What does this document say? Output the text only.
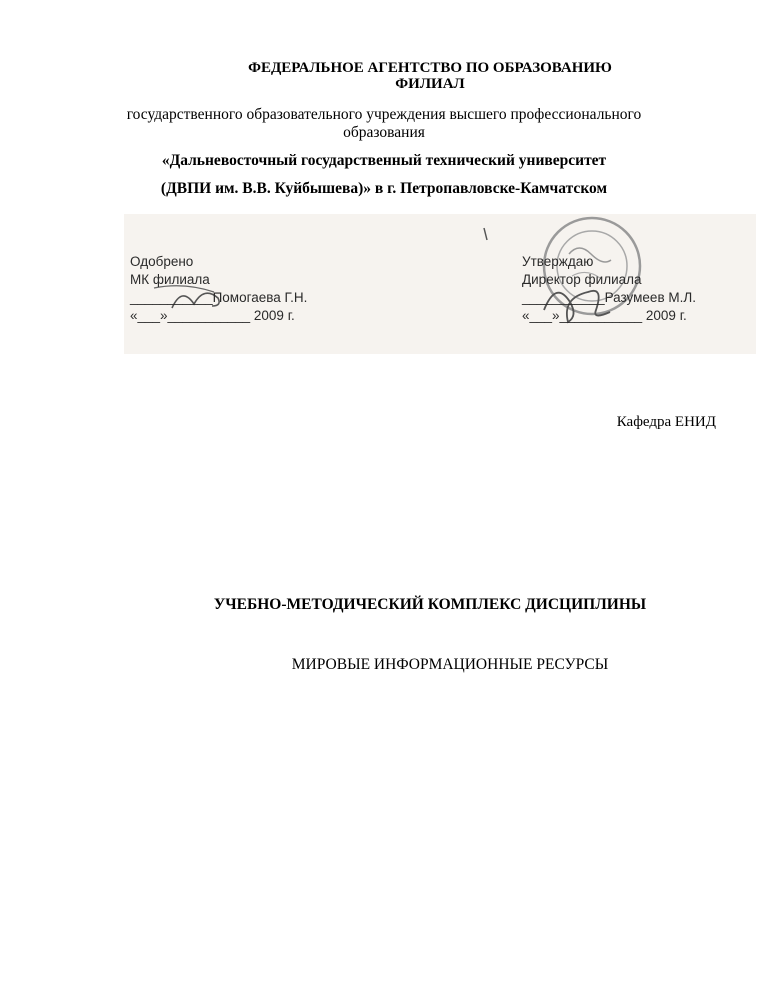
ФЕДЕРАЛЬНОЕ АГЕНТСТВО ПО ОБРАЗОВАНИЮ
ФИЛИАЛ
государственного образовательного учреждения высшего профессионального
образования
«Дальневосточный государственный технический университет
(ДВПИ им. В.В. Куйбышева)» в г. Петропавловске-Камчатском
Одобрено
МК филиала
___________Помогаева Г.Н.
«___»___________ 2009 г.
Утверждаю
Директор филиала
___________Разумеев М.Л.
«___»___________ 2009 г.
Кафедра ЕНИД
УЧЕБНО-МЕТОДИЧЕСКИЙ КОМПЛЕКС ДИСЦИПЛИНЫ
МИРОВЫЕ ИНФОРМАЦИОННЫЕ РЕСУРСЫ
